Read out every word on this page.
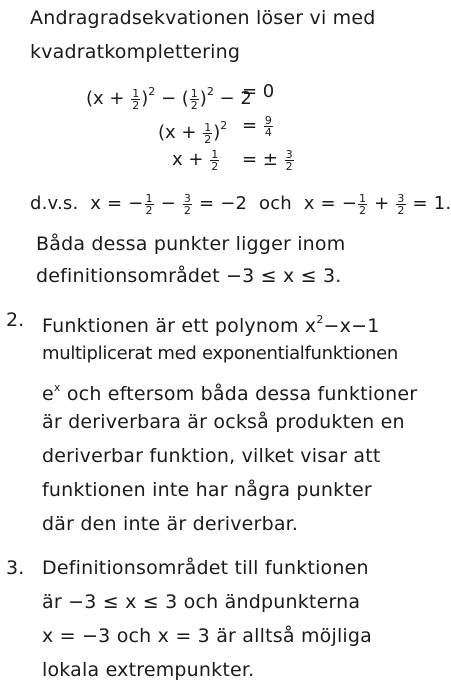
Andragradsekvationen löser vi med
kvadratkomplettering
$(x + \frac{1}{2} )^2$ − ( $\frac{1}{2} )^2 - 2$
= 0
$(x + \frac{1}{2} )^2 = \frac{9}{4}$
$x + \frac{1}{2}$ = ± $\frac{3}{2}$
d.v.s. x = − $\frac{1}{2} - \frac{3}{2} = -2$ och x = − $\frac{1}{2} + \frac{3}{2} = 1$.
Båda dessa punkter ligger inom
definitionsområdet −3 ≤ x ≤ 3.
2. Funktionen är ett polynom $x^2-x-1$
multiplicerat med exponentialfunktionen
$e^x$ och eftersom båda dessa funktioner
är deriverbara är också produkten en
deriverbar funktion, vilket visar att
funktionen inte har några punkter
där den inte är deriverbar.
3. Definitionsområdet till funktionen
är −3 ≤ x ≤ 3 och ändpunkterna
x = −3 och x = 3 är alltså möjliga
lokala extrempunkter.
